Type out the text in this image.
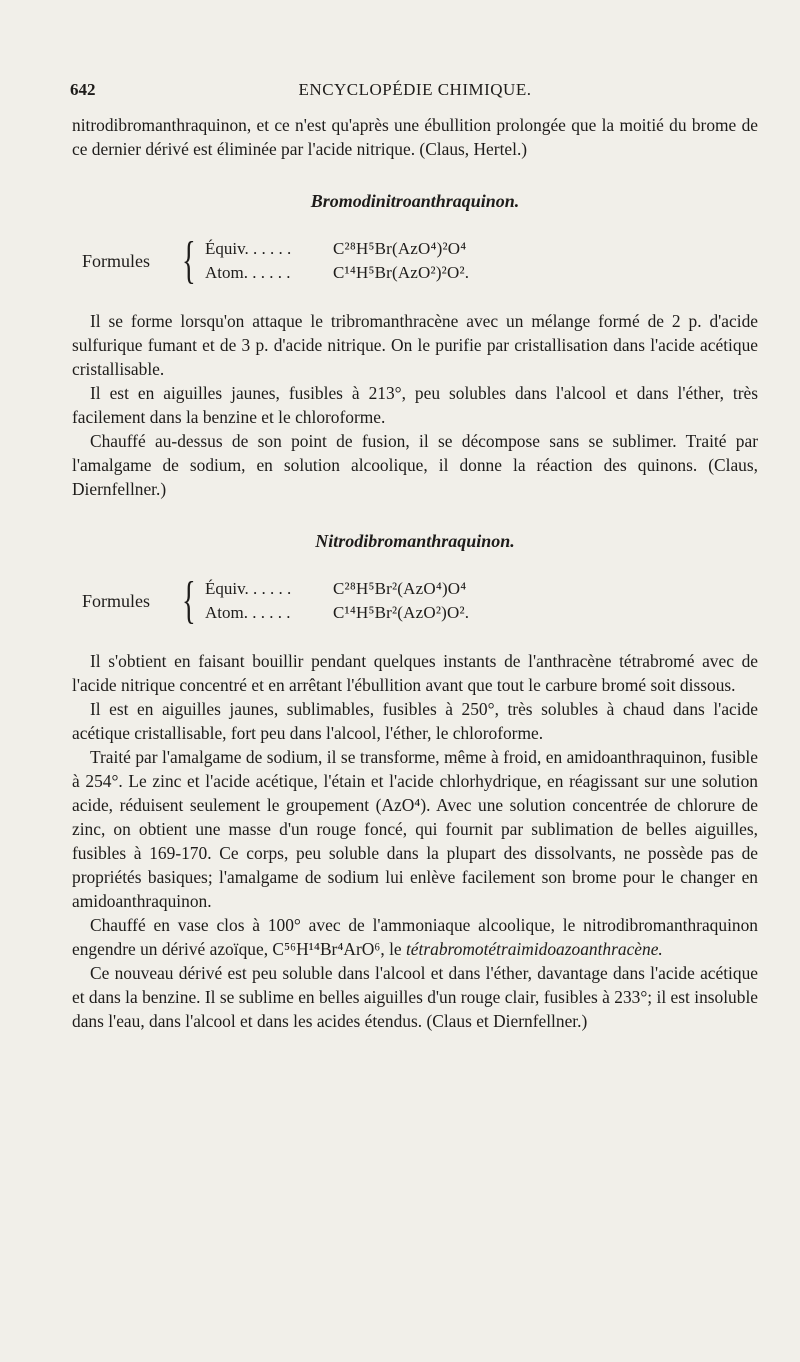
642	ENCYCLOPÉDIE CHIMIQUE.

nitrodibromanthraquinon, et ce n'est qu'après une ébullition prolongée que la moitié du brome de ce dernier dérivé est éliminée par l'acide nitrique. (Claus, Hertel.)

Bromodinitroanthraquinon.
Formules { Équiv. . . . . .	C²⁸H⁵Br(AzO⁴)²O⁴
Atom. . . . . .	C¹⁴H⁵Br(AzO²)²O².

Il se forme lorsqu'on attaque le tribromanthracène avec un mélange formé de 2 p. d'acide sulfurique fumant et de 3 p. d'acide nitrique. On le purifie par cristallisation dans l'acide acétique cristallisable.

Il est en aiguilles jaunes, fusibles à 213°, peu solubles dans l'alcool et dans l'éther, très facilement dans la benzine et le chloroforme.

Chauffé au-dessus de son point de fusion, il se décompose sans se sublimer. Traité par l'amalgame de sodium, en solution alcoolique, il donne la réaction des quinons. (Claus, Diernfellner.)

Nitrodibromanthraquinon.
Formules { Équiv. . . . . .	C²⁸H⁵Br²(AzO⁴)O⁴
Atom. . . . . .	C¹⁴H⁵Br²(AzO²)O².

Il s'obtient en faisant bouillir pendant quelques instants de l'anthracène tétrabromé avec de l'acide nitrique concentré et en arrêtant l'ébullition avant que tout le carbure bromé soit dissous.

Il est en aiguilles jaunes, sublimables, fusibles à 250°, très solubles à chaud dans l'acide acétique cristallisable, fort peu dans l'alcool, l'éther, le chloroforme.

Traité par l'amalgame de sodium, il se transforme, même à froid, en amidoanthraquinon, fusible à 254°. Le zinc et l'acide acétique, l'étain et l'acide chlorhydrique, en réagissant sur une solution acide, réduisent seulement le groupement (AzO⁴). Avec une solution concentrée de chlorure de zinc, on obtient une masse d'un rouge foncé, qui fournit par sublimation de belles aiguilles, fusibles à 169-170. Ce corps, peu soluble dans la plupart des dissolvants, ne possède pas de propriétés basiques; l'amalgame de sodium lui enlève facilement son brome pour le changer en amidoanthraquinon.

Chauffé en vase clos à 100° avec de l'ammoniaque alcoolique, le nitrodibromanthraquinon engendre un dérivé azoïque, C⁵⁶H¹⁴Br⁴ArO⁶, le tétrabromotétraimidoazoanthracène.

Ce nouveau dérivé est peu soluble dans l'alcool et dans l'éther, davantage dans l'acide acétique et dans la benzine. Il se sublime en belles aiguilles d'un rouge clair, fusibles à 233°; il est insoluble dans l'eau, dans l'alcool et dans les acides étendus. (Claus et Diernfellner.)
